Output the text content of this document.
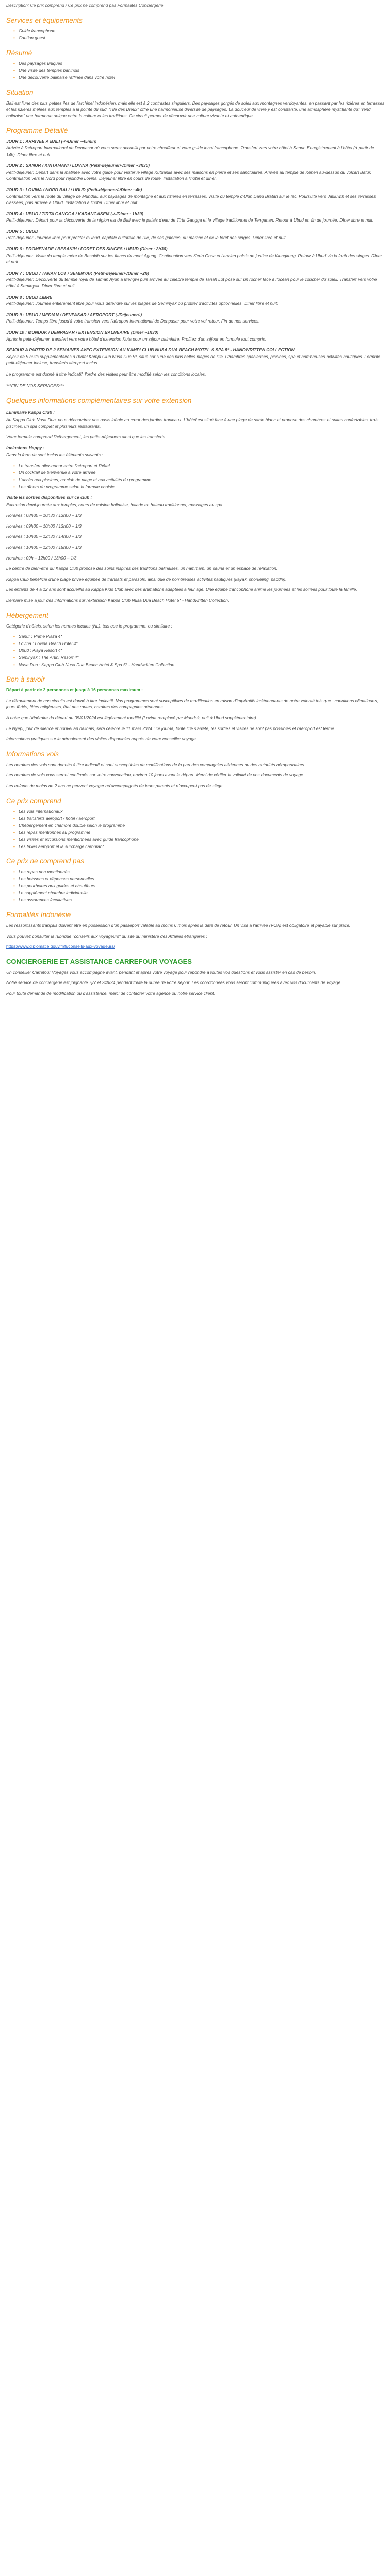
Description: Ce prix comprend / Ce prix ne comprend pas Formalités Conciergerie

Services et équipements
• Guide francophone
• Caution guest
Résumé
• Des paysages uniques
• Une visite des temples bahinois
• Une découverte balinaise raffinée dans votre hôtel
Situation

Bali est l'une des plus petites iles de l'archipel indonésien, mais elle est à 2 contrastes singuliers. Des paysages gorgés de soleil aux montagnes verdoyantes, en passant par les rizières en terrasses et les rizières mêlées aux temples à la pointe du sud, "l'île des Dieux" offre une harmonieuse diversité de paysages. La douceur de vivre y est constante, une atmosphère mystifiante qui "rend balinaise" une harmonie unique entre la culture et les traditions. Ce circuit permet de découvrir une culture vivante et authentique.

Programme Détaillé
JOUR 1 : ARRIVEE A BALI (-/-/Diner ~45min)
Arrivée à l'aéroport International de Denpasar où vous serez accueilli par votre chauffeur et votre guide local francophone. Transfert vers votre hôtel à Sanur. Enregistrement à l'hôtel (à partir de 14h). Dîner libre et nuit.
JOUR 2 : SANUR / KINTAMANI / LOVINA (Petit-déjeuner/-/Diner ~3h30)
Petit-déjeuner. Départ dans la matinée avec votre guide pour visiter le village Kutuanlia avec ses maisons en pierre et ses sanctuaires. Arrivée au temple de Kehen au-dessus du volcan Batur. Continuation vers le Nord pour rejoindre Lovina. Déjeuner libre en cours de route. Installation à l'hôtel et dîner.
JOUR 3 : LOVINA / NORD BALI / UBUD (Petit-déjeuner/-/Diner ~4h)
Continuation vers la route du village de Munduk, aux paysages de montagne et aux rizières en terrasses. Visite du temple d'Ulun Danu Bratan sur le lac. Poursuite vers Jatiluwih et ses terrasses classées, puis arrivée à Ubud. Installation à l'hôtel. Dîner libre et nuit.
JOUR 4 : UBUD / TIRTA GANGGA / KARANGASEM (-/-/Diner ~1h30)
Petit-déjeuner. Départ pour la découverte de la région est de Bali avec le palais d'eau de Tirta Gangga et le village traditionnel de Tenganan. Retour à Ubud en fin de journée. Dîner libre et nuit.
JOUR 5 : UBUD
Petit-déjeuner. Journée libre pour profiter d'Ubud, capitale culturelle de l'île, de ses galeries, du marché et de la forêt des singes. Dîner libre et nuit.
JOUR 6 : PROMENADE / BESAKIH / FORET DES SINGES / UBUD (Diner ~2h30)
Petit-déjeuner. Visite du temple mère de Besakih sur les flancs du mont Agung. Continuation vers Kerta Gosa et l'ancien palais de justice de Klungkung. Retour à Ubud via la forêt des singes. Dîner et nuit.
JOUR 7 : UBUD / TANAH LOT / SEMINYAK (Petit-déjeuner/-/Diner ~2h)
Petit-déjeuner. Découverte du temple royal de Taman Ayun à Mengwi puis arrivée au célèbre temple de Tanah Lot posé sur un rocher face à l'océan pour le coucher du soleil. Transfert vers votre hôtel à Seminyak. Dîner libre et nuit.
JOUR 8 : UBUD LIBRE
Petit-déjeuner. Journée entièrement libre pour vous détendre sur les plages de Seminyak ou profiter d'activités optionnelles. Dîner libre et nuit.
JOUR 9 : UBUD / MEDIAN / DENPASAR / AEROPORT (-/Déjeuner/-)
Petit-déjeuner. Temps libre jusqu'à votre transfert vers l'aéroport international de Denpasar pour votre vol retour. Fin de nos services.
JOUR 10 : MUNDUK / DENPASAR / EXTENSION BALNEAIRE (Diner ~1h30)
Après le petit-déjeuner, transfert vers votre hôtel d'extension Kuta pour un séjour balnéaire. Profitez d'un séjour en formule tout compris.
SEJOUR A PARTIR DE 2 SEMAINES AVEC EXTENSION AU KAMPI CLUB NUSA DUA BEACH HOTEL & SPA 5* - HANDWRITTEN COLLECTION
Séjour de 5 nuits supplémentaires à l'hôtel Kampi Club Nusa Dua 5*, situé sur l'une des plus belles plages de l'île. Chambres spacieuses, piscines, spa et nombreuses activités nautiques. Formule petit-déjeuner incluse, transferts aéroport inclus.

Le programme est donné à titre indicatif, l'ordre des visites peut être modifié selon les conditions locales.

***FIN DE NOS SERVICES***

Quelques informations complémentaires sur votre extension
Luminaire Kappa Club :

Au Kappa Club Nusa Dua, vous découvrirez une oasis idéale au cœur des jardins tropicaux. L'hôtel est situé face à une plage de sable blanc et propose des chambres et suites confortables, trois piscines, un spa complet et plusieurs restaurants.

Votre formule comprend l'hébergement, les petits-déjeuners ainsi que les transferts.

Inclusions Happy :

Dans la formule sont inclus les éléments suivants :

• Le transfert aller-retour entre l'aéroport et l'hôtel
• Un cocktail de bienvenue à votre arrivée
• L'accès aux piscines, au club de plage et aux activités du programme
• Les dîners du programme selon la formule choisie
Visite les sorties disponibles sur ce club :

Excursion demi-journée aux temples, cours de cuisine balinaise, balade en bateau traditionnel, massages au spa.

Horaires : 08h30 – 10h30 / 13h00 – 1/3

Horaires : 09h00 – 10h00 / 13h00 – 1/3

Horaires : 10h30 – 12h30 / 14h00 – 1/3

Horaires : 10h00 – 12h00 / 15h00 – 1/3

Horaires : 09h – 12h00 / 13h00 – 1/3

Le centre de bien-être du Kappa Club propose des soins inspirés des traditions balinaises, un hammam, un sauna et un espace de relaxation.

Kappa Club bénéficie d'une plage privée équipée de transats et parasols, ainsi que de nombreuses activités nautiques (kayak, snorkeling, paddle).

Les enfants de 4 à 12 ans sont accueillis au Kappa Kids Club avec des animations adaptées à leur âge. Une équipe francophone anime les journées et les soirées pour toute la famille.

Dernière mise à jour des informations sur l'extension Kappa Club Nusa Dua Beach Hotel 5* - Handwritten Collection.

Hébergement

Catégorie d'hôtels, selon les normes locales (NL), tels que le programme, ou similaire :

• Sanur : Prime Plaza 4*
• Lovina : Lovina Beach Hotel 4*
• Ubud : Alaya Resort 4*
• Seminyak : The Artini Resort 4*
• Nusa Dua : Kappa Club Nusa Dua Beach Hotel & Spa 5* - Handwritten Collection
Bon à savoir

Départ à partir de 2 personnes et jusqu'à 16 personnes maximum :

Le déroulement de nos circuits est donné à titre indicatif. Nos programmes sont susceptibles de modification en raison d'impératifs indépendants de notre volonté tels que : conditions climatiques, jours fériés, fêtes religieuses, état des routes, horaires des compagnies aériennes.

A noter que l'itinéraire du départ du 05/01/2024 est légèrement modifié (Lovina remplacé par Munduk, nuit à Ubud supplémentaire).

Le Nyepi, jour de silence et nouvel an balinais, sera célébré le 11 mars 2024 : ce jour-là, toute l'île s'arrête, les sorties et visites ne sont pas possibles et l'aéroport est fermé.

Informations pratiques sur le déroulement des visites disponibles auprès de votre conseiller voyage.

Informations vols

Les horaires des vols sont donnés à titre indicatif et sont susceptibles de modifications de la part des compagnies aériennes ou des autorités aéroportuaires.

Les horaires de vols vous seront confirmés sur votre convocation, environ 10 jours avant le départ. Merci de vérifier la validité de vos documents de voyage.

Les enfants de moins de 2 ans ne peuvent voyager qu'accompagnés de leurs parents et n'occupent pas de siège.

Ce prix comprend
• Les vols internationaux
• Les transferts aéroport / hôtel / aéroport
• L'hébergement en chambre double selon le programme
• Les repas mentionnés au programme
• Les visites et excursions mentionnées avec guide francophone
• Les taxes aéroport et la surcharge carburant
Ce prix ne comprend pas
• Les repas non mentionnés
• Les boissons et dépenses personnelles
• Les pourboires aux guides et chauffeurs
• Le supplément chambre individuelle
• Les assurances facultatives
Formalités Indonésie

Les ressortissants français doivent être en possession d'un passeport valable au moins 6 mois après la date de retour. Un visa à l'arrivée (VOA) est obligatoire et payable sur place.

Vous pouvez consulter la rubrique "conseils aux voyageurs" du site du ministère des Affaires étrangères :

https://www.diplomatie.gouv.fr/fr/conseils-aux-voyageurs/

CONCIERGERIE ET ASSISTANCE CARREFOUR VOYAGES

Un conseiller Carrefour Voyages vous accompagne avant, pendant et après votre voyage pour répondre à toutes vos questions et vous assister en cas de besoin.

Notre service de conciergerie est joignable 7j/7 et 24h/24 pendant toute la durée de votre séjour. Les coordonnées vous seront communiquées avec vos documents de voyage.

Pour toute demande de modification ou d'assistance, merci de contacter votre agence ou notre service client.
